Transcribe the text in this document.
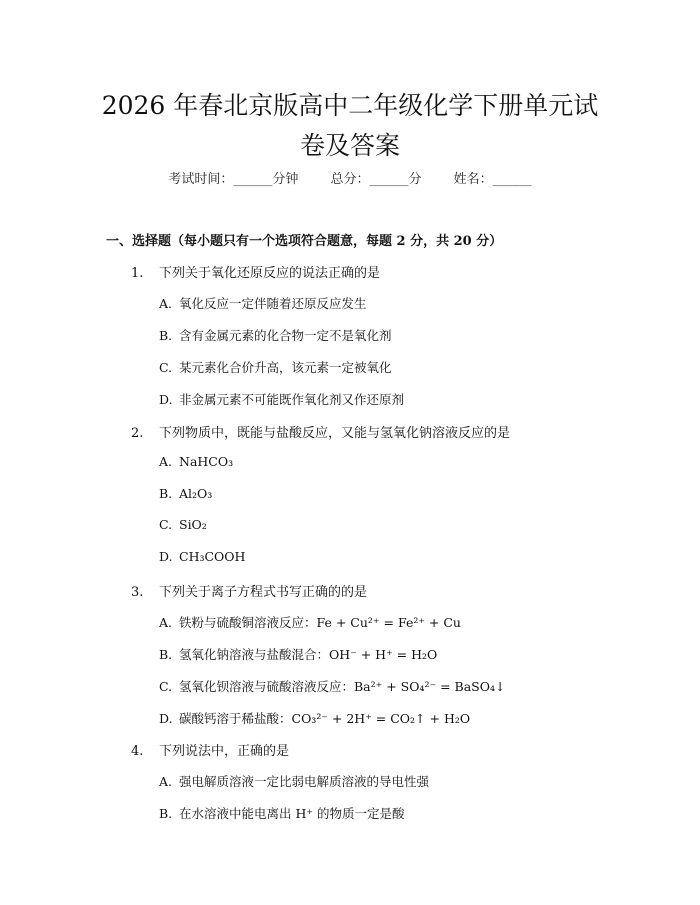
2026 年春北京版高中二年级化学下册单元试
卷及答案
考试时间：______分钟 总分：______分 姓名：______
一、选择题（每小题只有一个选项符合题意，每题 2 分，共 20 分）
1. 下列关于氧化还原反应的说法正确的是
A. 氧化反应一定伴随着还原反应发生
B. 含有金属元素的化合物一定不是氧化剂
C. 某元素化合价升高，该元素一定被氧化
D. 非金属元素不可能既作氧化剂又作还原剂
2. 下列物质中，既能与盐酸反应，又能与氢氧化钠溶液反应的是
A. NaHCO₃
B. Al₂O₃
C. SiO₂
D. CH₃COOH
3. 下列关于离子方程式书写正确的的是
A. 铁粉与硫酸铜溶液反应：Fe + Cu²⁺ = Fe²⁺ + Cu
B. 氢氧化钠溶液与盐酸混合：OH⁻ + H⁺ = H₂O
C. 氢氧化钡溶液与硫酸溶液反应：Ba²⁺ + SO₄²⁻ = BaSO₄↓
D. 碳酸钙溶于稀盐酸：CO₃²⁻ + 2H⁺ = CO₂↑ + H₂O
4. 下列说法中，正确的是
A. 强电解质溶液一定比弱电解质溶液的导电性强
B. 在水溶液中能电离出 H⁺ 的物质一定是酸
